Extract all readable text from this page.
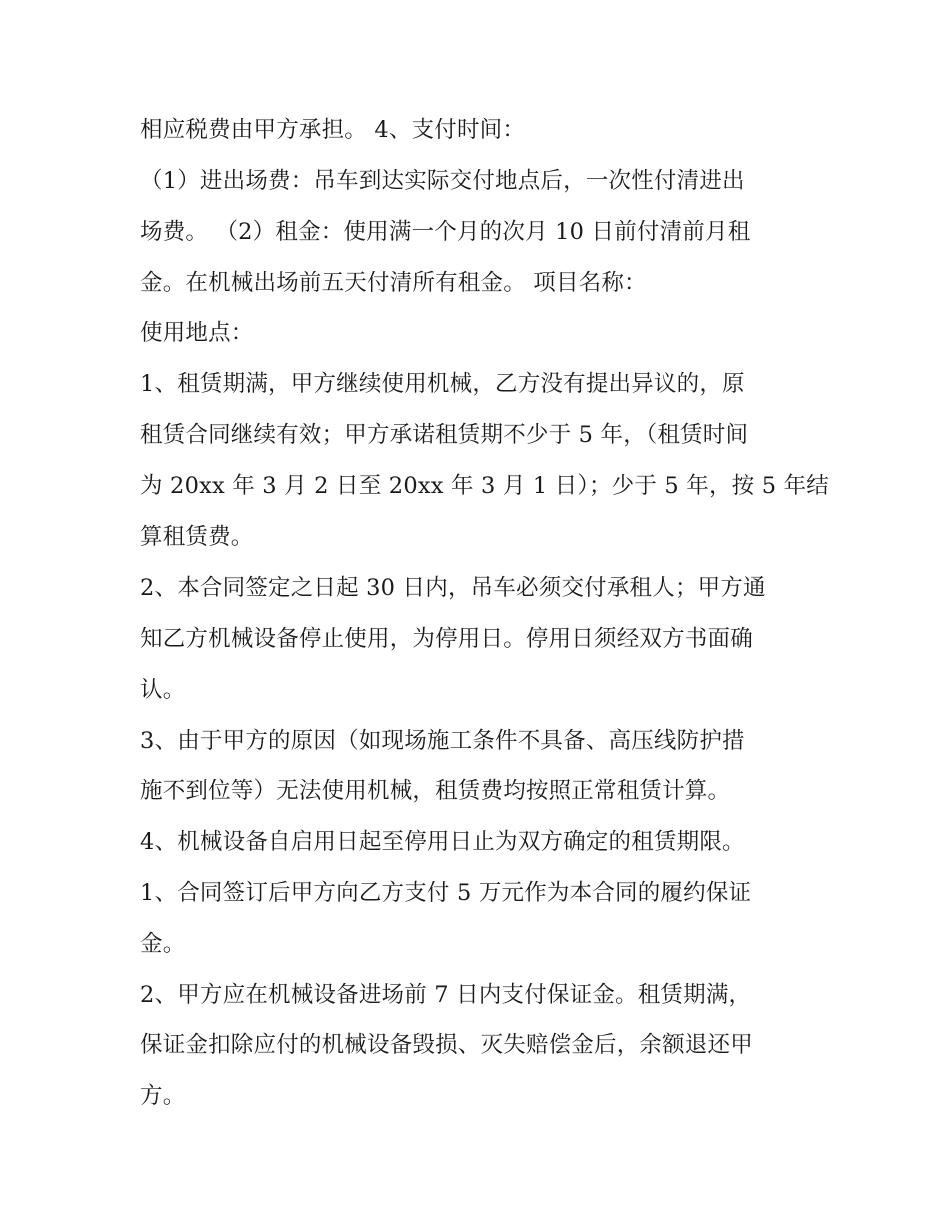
相应税费由甲方承担。 4、支付时间：
（1）进出场费：吊车到达实际交付地点后，一次性付清进出
场费。 （2）租金：使用满一个月的次月 10 日前付清前月租
金。在机械出场前五天付清所有租金。 项目名称：
使用地点：
1、租赁期满，甲方继续使用机械，乙方没有提出异议的，原
租赁合同继续有效；甲方承诺租赁期不少于 5 年，（租赁时间
为 20xx 年 3 月 2 日至 20xx 年 3 月 1 日）；少于 5 年，按 5 年结
算租赁费。
2、本合同签定之日起 30 日内，吊车必须交付承租人；甲方通
知乙方机械设备停止使用，为停用日。停用日须经双方书面确
认。
3、由于甲方的原因（如现场施工条件不具备、高压线防护措
施不到位等）无法使用机械，租赁费均按照正常租赁计算。
4、机械设备自启用日起至停用日止为双方确定的租赁期限。
1、合同签订后甲方向乙方支付 5 万元作为本合同的履约保证
金。
2、甲方应在机械设备进场前 7 日内支付保证金。租赁期满，
保证金扣除应付的机械设备毁损、灭失赔偿金后，余额退还甲
方。
